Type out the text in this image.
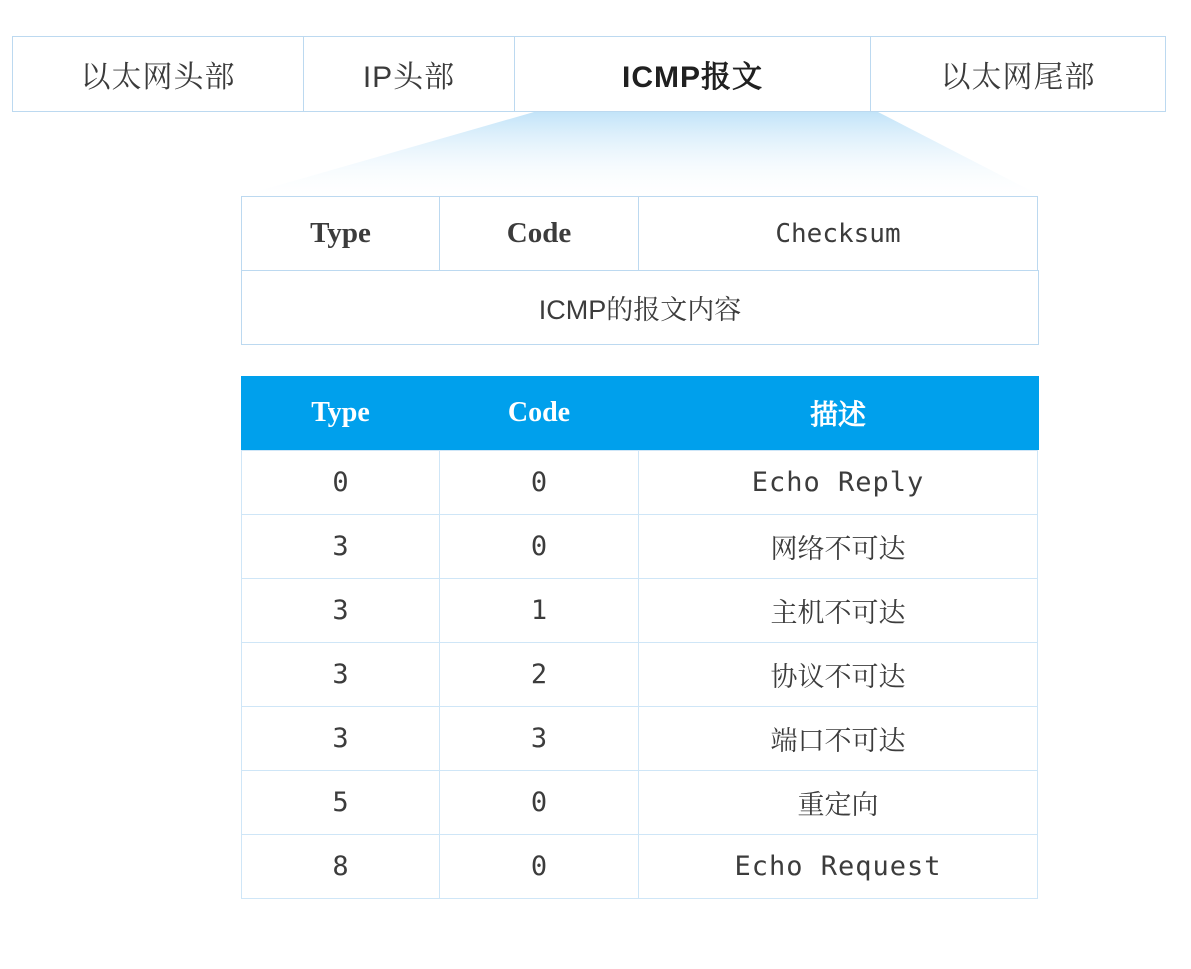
以太网头部	IP头部	ICMP报文	以太网尾部
Type	Code	Checksum
ICMP的报文内容
Type	Code	描述
0	0	Echo Reply
3	0	网络不可达
3	1	主机不可达
3	2	协议不可达
3	3	端口不可达
5	0	重定向
8	0	Echo Request
